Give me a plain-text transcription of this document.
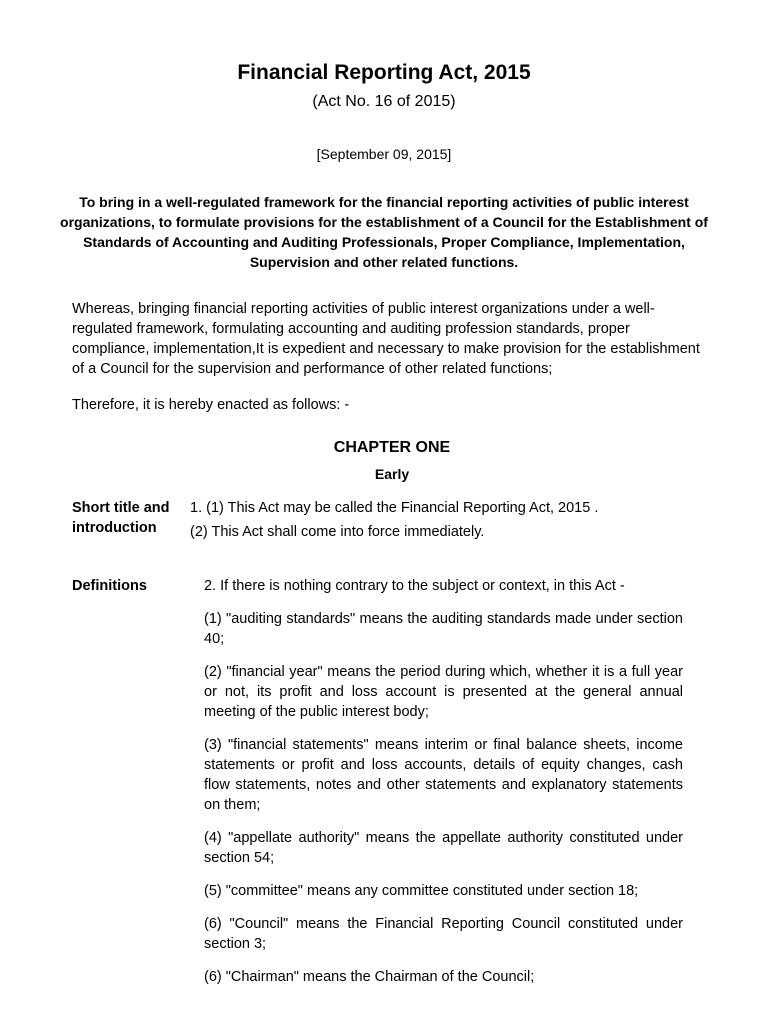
Financial Reporting Act, 2015
(Act No. 16 of 2015)
[September 09, 2015]
To bring in a well-regulated framework for the financial reporting activities of public interest organizations, to formulate provisions for the establishment of a Council for the Establishment of Standards of Accounting and Auditing Professionals, Proper Compliance, Implementation, Supervision and other related functions.
Whereas, bringing financial reporting activities of public interest organizations under a well-regulated framework, formulating accounting and auditing profession standards, proper compliance, implementation,It is expedient and necessary to make provision for the establishment of a Council for the supervision and performance of other related functions;
Therefore, it is hereby enacted as follows: -
CHAPTER ONE
Early
Short title and introduction

1. (1) This Act may be called the Financial Reporting Act, 2015 .

(2) This Act shall come into force immediately.

Definitions	2. If there is nothing contrary to the subject or context, in this Act -
(1) "auditing standards" means the auditing standards made under section 40;
(2) "financial year" means the period during which, whether it is a full year or not, its profit and loss account is presented at the general annual meeting of the public interest body;
(3) "financial statements" means interim or final balance sheets, income statements or profit and loss accounts, details of equity changes, cash flow statements, notes and other statements and explanatory statements on them;
(4) "appellate authority" means the appellate authority constituted under section 54;
(5) "committee" means any committee constituted under section 18;
(6) "Council" means the Financial Reporting Council constituted under section 3;
(6) "Chairman" means the Chairman of the Council;
